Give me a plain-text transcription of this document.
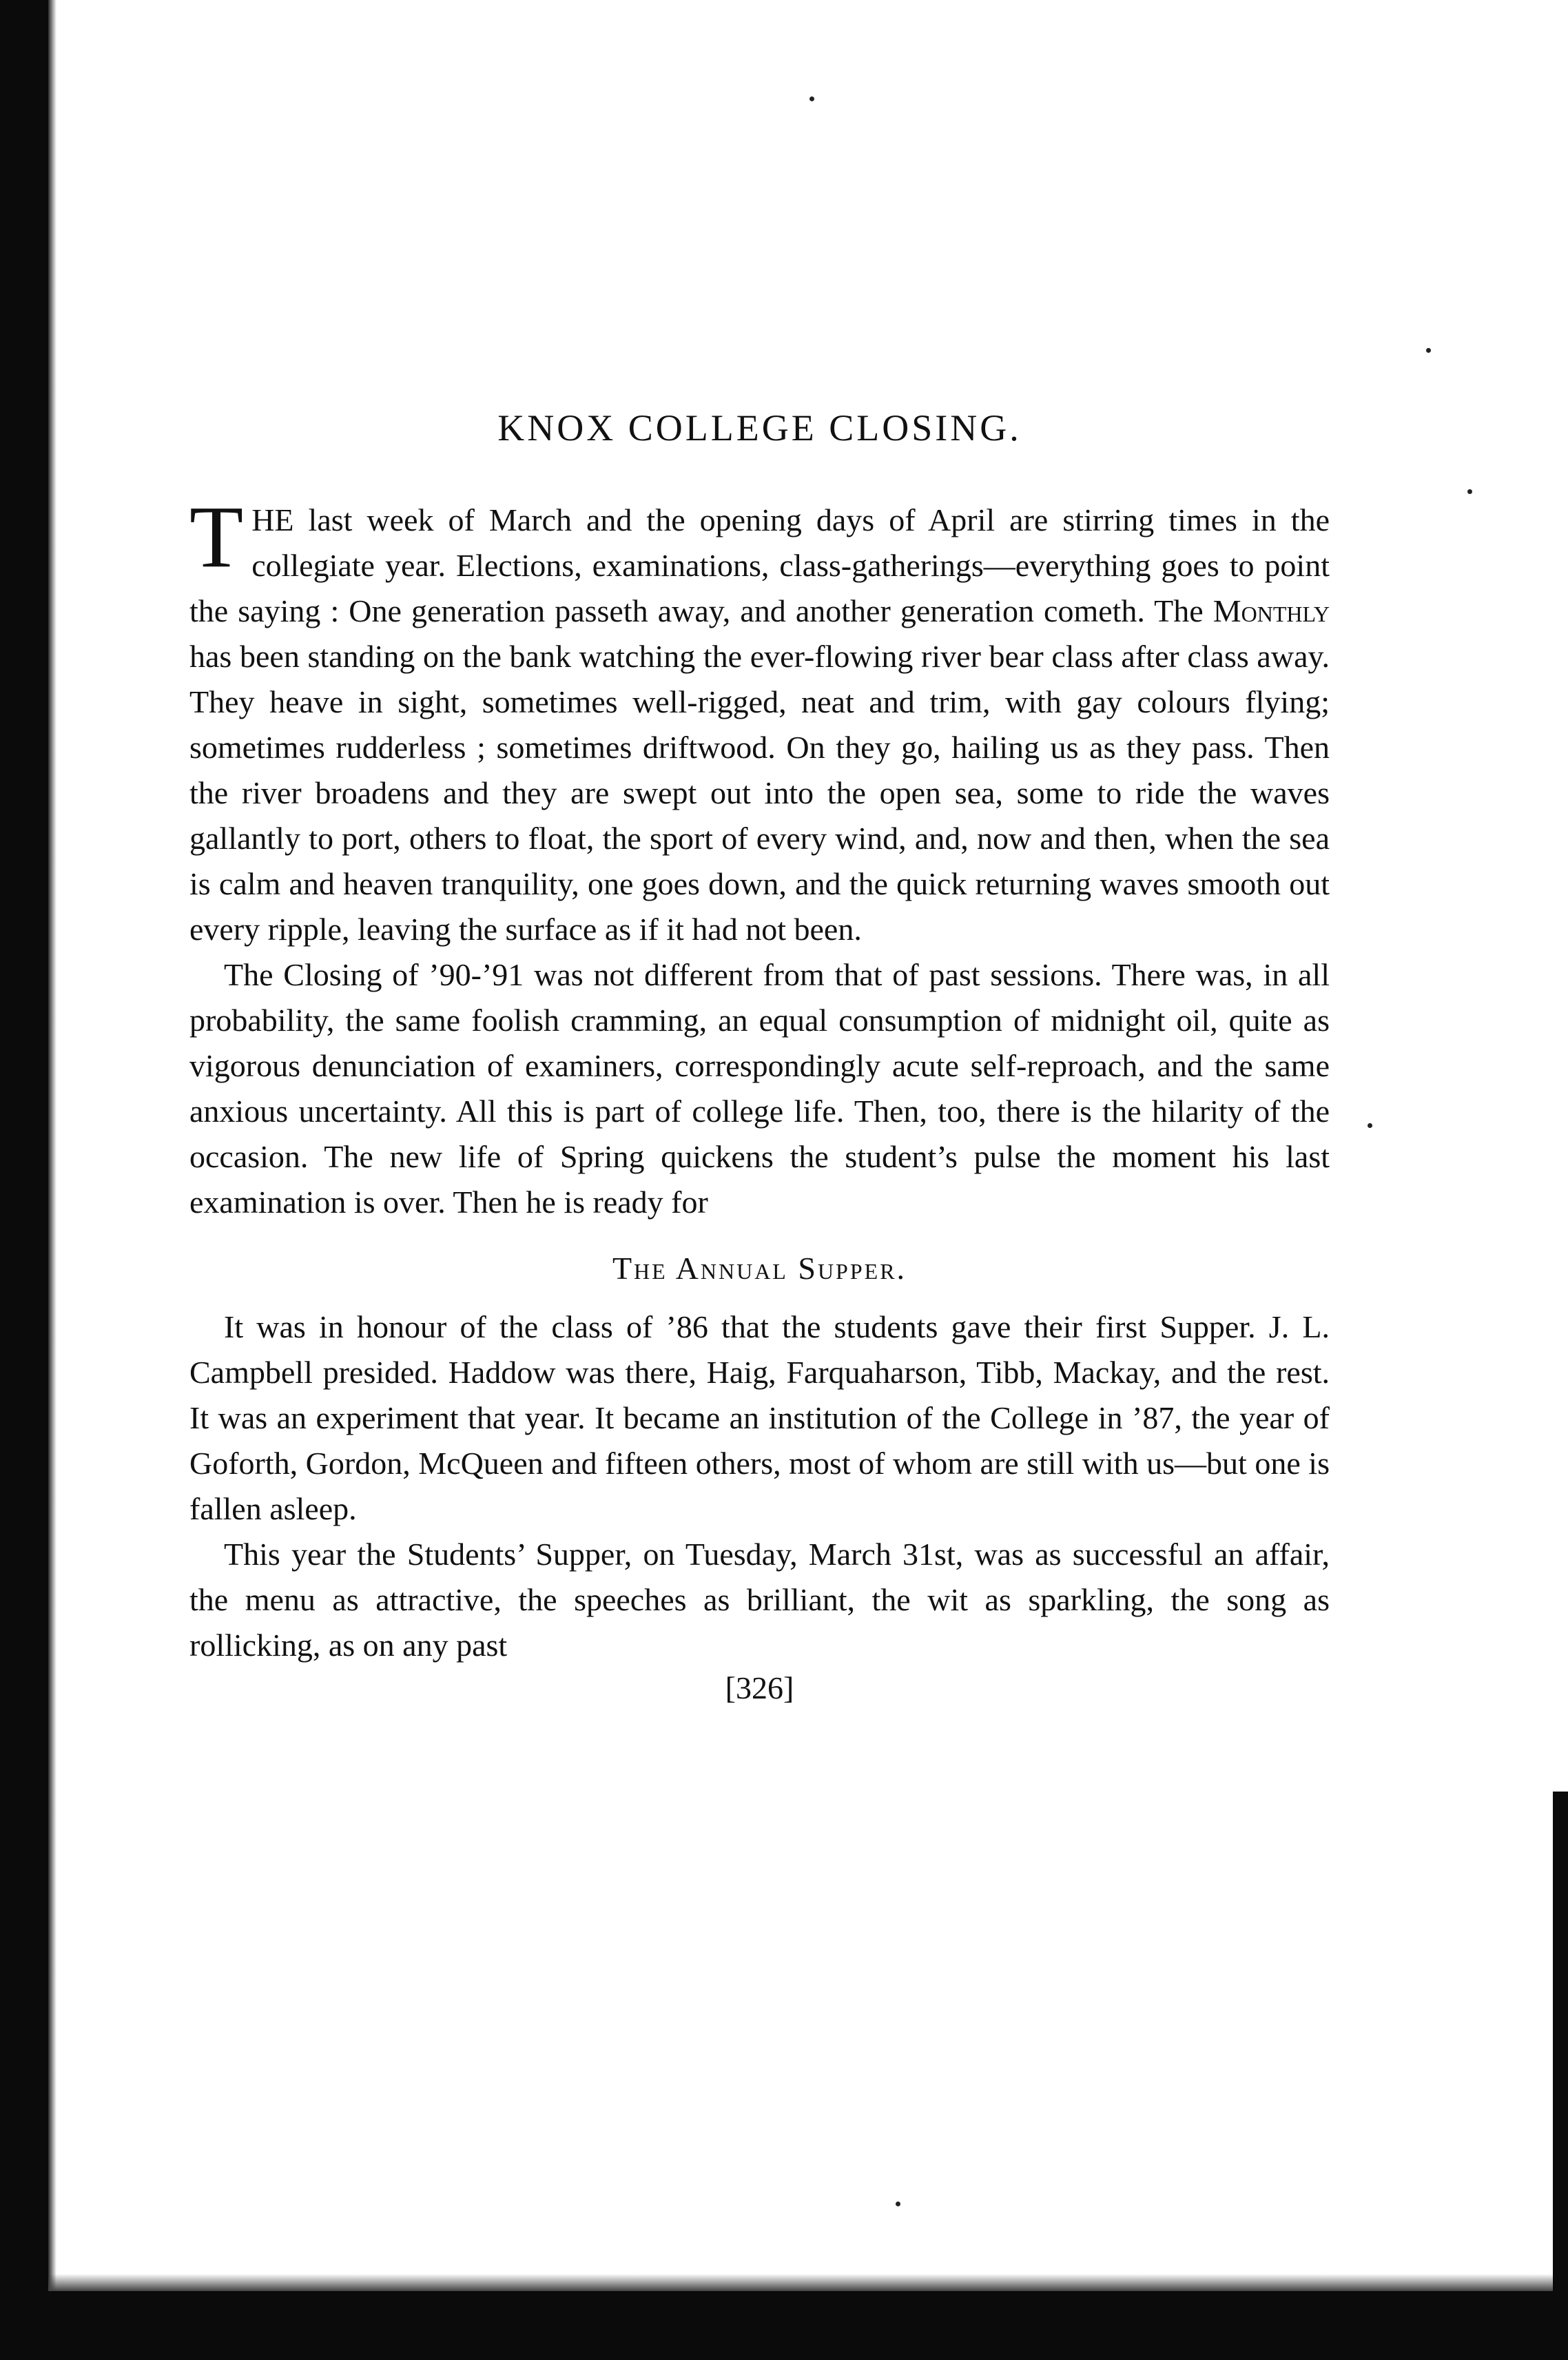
KNOX COLLEGE CLOSING.

THE last week of March and the opening days of April are stirring times in the collegiate year. Elections, examinations, class-gatherings—everything goes to point the saying : One generation passeth away, and another generation cometh. The Monthly has been standing on the bank watching the ever-flowing river bear class after class away. They heave in sight, sometimes well-rigged, neat and trim, with gay colours flying; sometimes rudderless ; sometimes driftwood. On they go, hailing us as they pass. Then the river broadens and they are swept out into the open sea, some to ride the waves gallantly to port, others to float, the sport of every wind, and, now and then, when the sea is calm and heaven tranquility, one goes down, and the quick returning waves smooth out every ripple, leaving the surface as if it had not been.

The Closing of ’90-’91 was not different from that of past sessions. There was, in all probability, the same foolish cramming, an equal consumption of midnight oil, quite as vigorous denunciation of examiners, correspondingly acute self-reproach, and the same anxious uncertainty. All this is part of college life. Then, too, there is the hilarity of the occasion. The new life of Spring quickens the student’s pulse the moment his last examination is over. Then he is ready for

The Annual Supper.

It was in honour of the class of ’86 that the students gave their first Supper. J. L. Campbell presided. Haddow was there, Haig, Farquaharson, Tibb, Mackay, and the rest. It was an experiment that year. It became an institution of the College in ’87, the year of Goforth, Gordon, McQueen and fifteen others, most of whom are still with us—but one is fallen asleep.

This year the Students’ Supper, on Tuesday, March 31st, was as successful an affair, the menu as attractive, the speeches as brilliant, the wit as sparkling, the song as rollicking, as on any past

[326]
